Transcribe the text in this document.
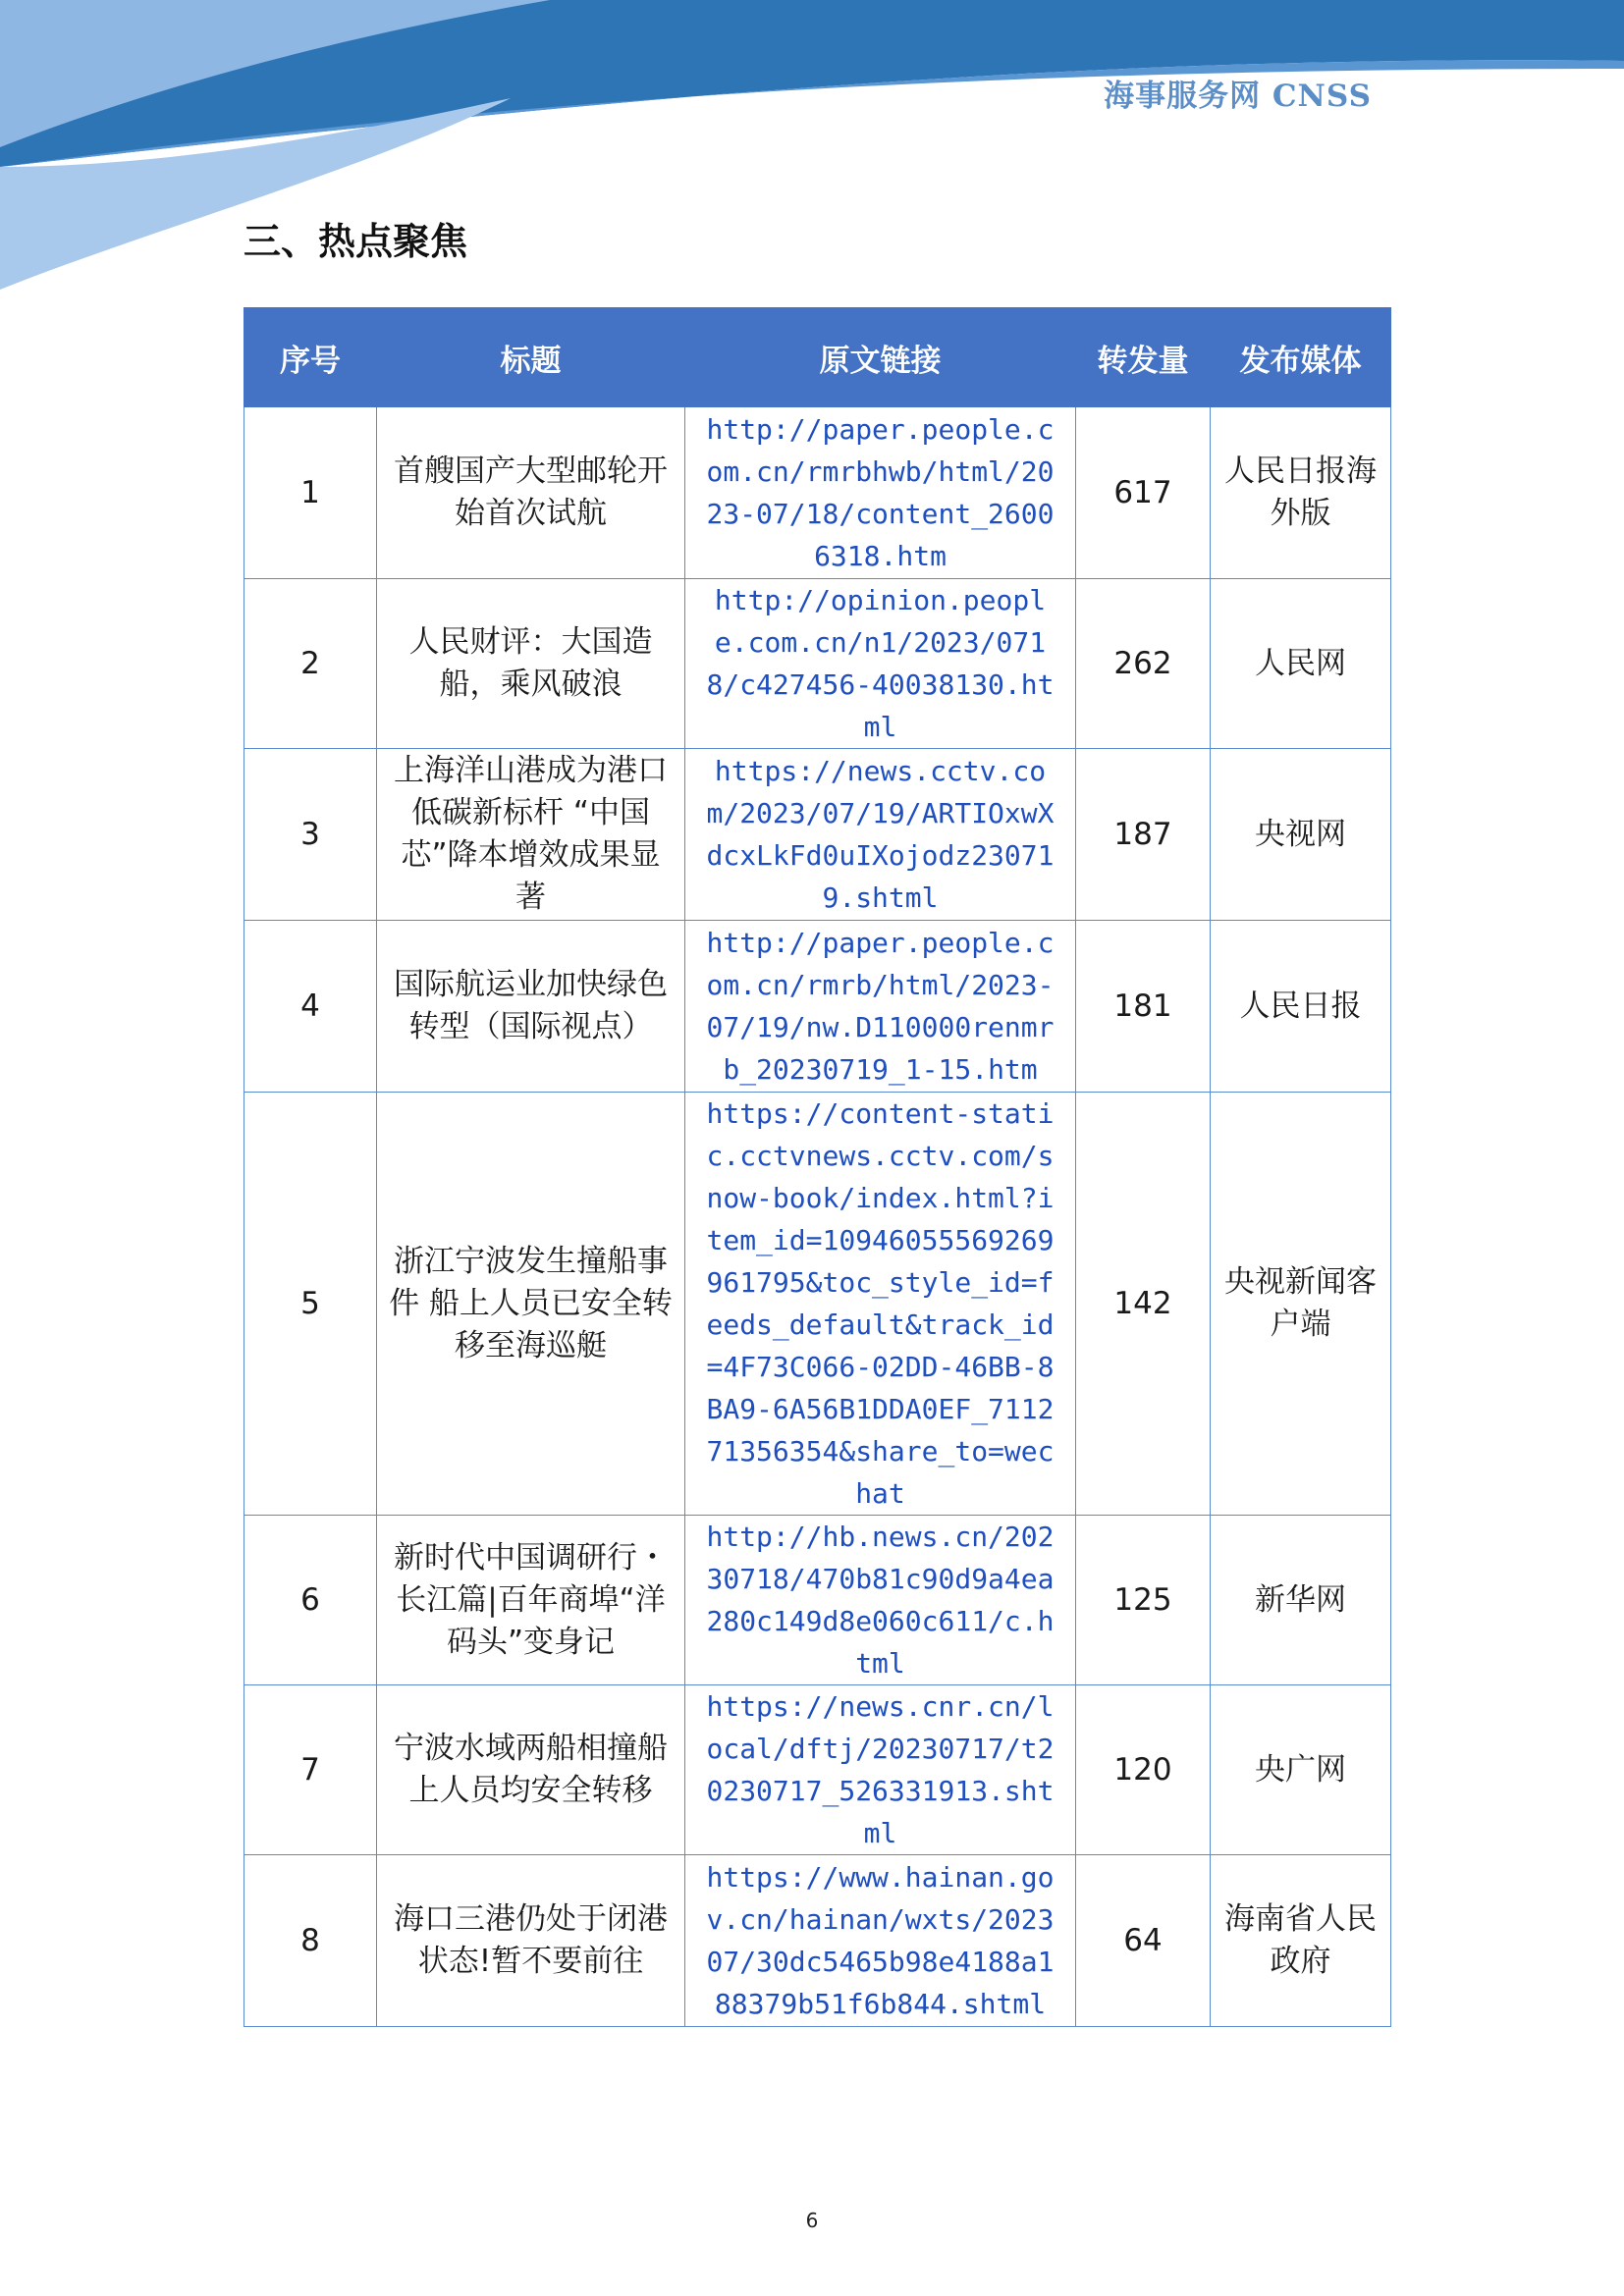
海事服务网 CNSS
三、热点聚焦
序号	标题	原文链接	转发量	发布媒体
1	首艘国产大型邮轮开始首次试航	http://paper.people.com.cn/rmrbhwb/html/2023-07/18/content_26006318.htm	617	人民日报海外版
2	人民财评：大国造船，乘风破浪	http://opinion.people.com.cn/n1/2023/0718/c427456-40038130.html	262	人民网
3	上海洋山港成为港口低碳新标杆 “中国芯”降本增效成果显著	https://news.cctv.com/2023/07/19/ARTIOxwXdcxLkFd0uIXojodz230719.shtml	187	央视网
4	国际航运业加快绿色转型（国际视点）	http://paper.people.com.cn/rmrb/html/2023-07/19/nw.D110000renmrb_20230719_1-15.htm	181	人民日报
5	浙江宁波发生撞船事件 船上人员已安全转移至海巡艇	https://content-static.cctvnews.cctv.com/snow-book/index.html?item_id=10946055569269961795&toc_style_id=feeds_default&track_id=4F73C066-02DD-46BB-8BA9-6A56B1DDA0EF_711271356354&share_to=wechat	142	央视新闻客户端
6	新时代中国调研行・长江篇|百年商埠“洋码头”变身记	http://hb.news.cn/20230718/470b81c90d9a4ea280c149d8e060c611/c.html	125	新华网
7	宁波水域两船相撞船上人员均安全转移	https://news.cnr.cn/local/dftj/20230717/t20230717_526331913.shtml	120	央广网
8	海口三港仍处于闭港状态!暂不要前往	https://www.hainan.gov.cn/hainan/wxts/202307/30dc5465b98e4188a188379b51f6b844.shtml	64	海南省人民政府
6
